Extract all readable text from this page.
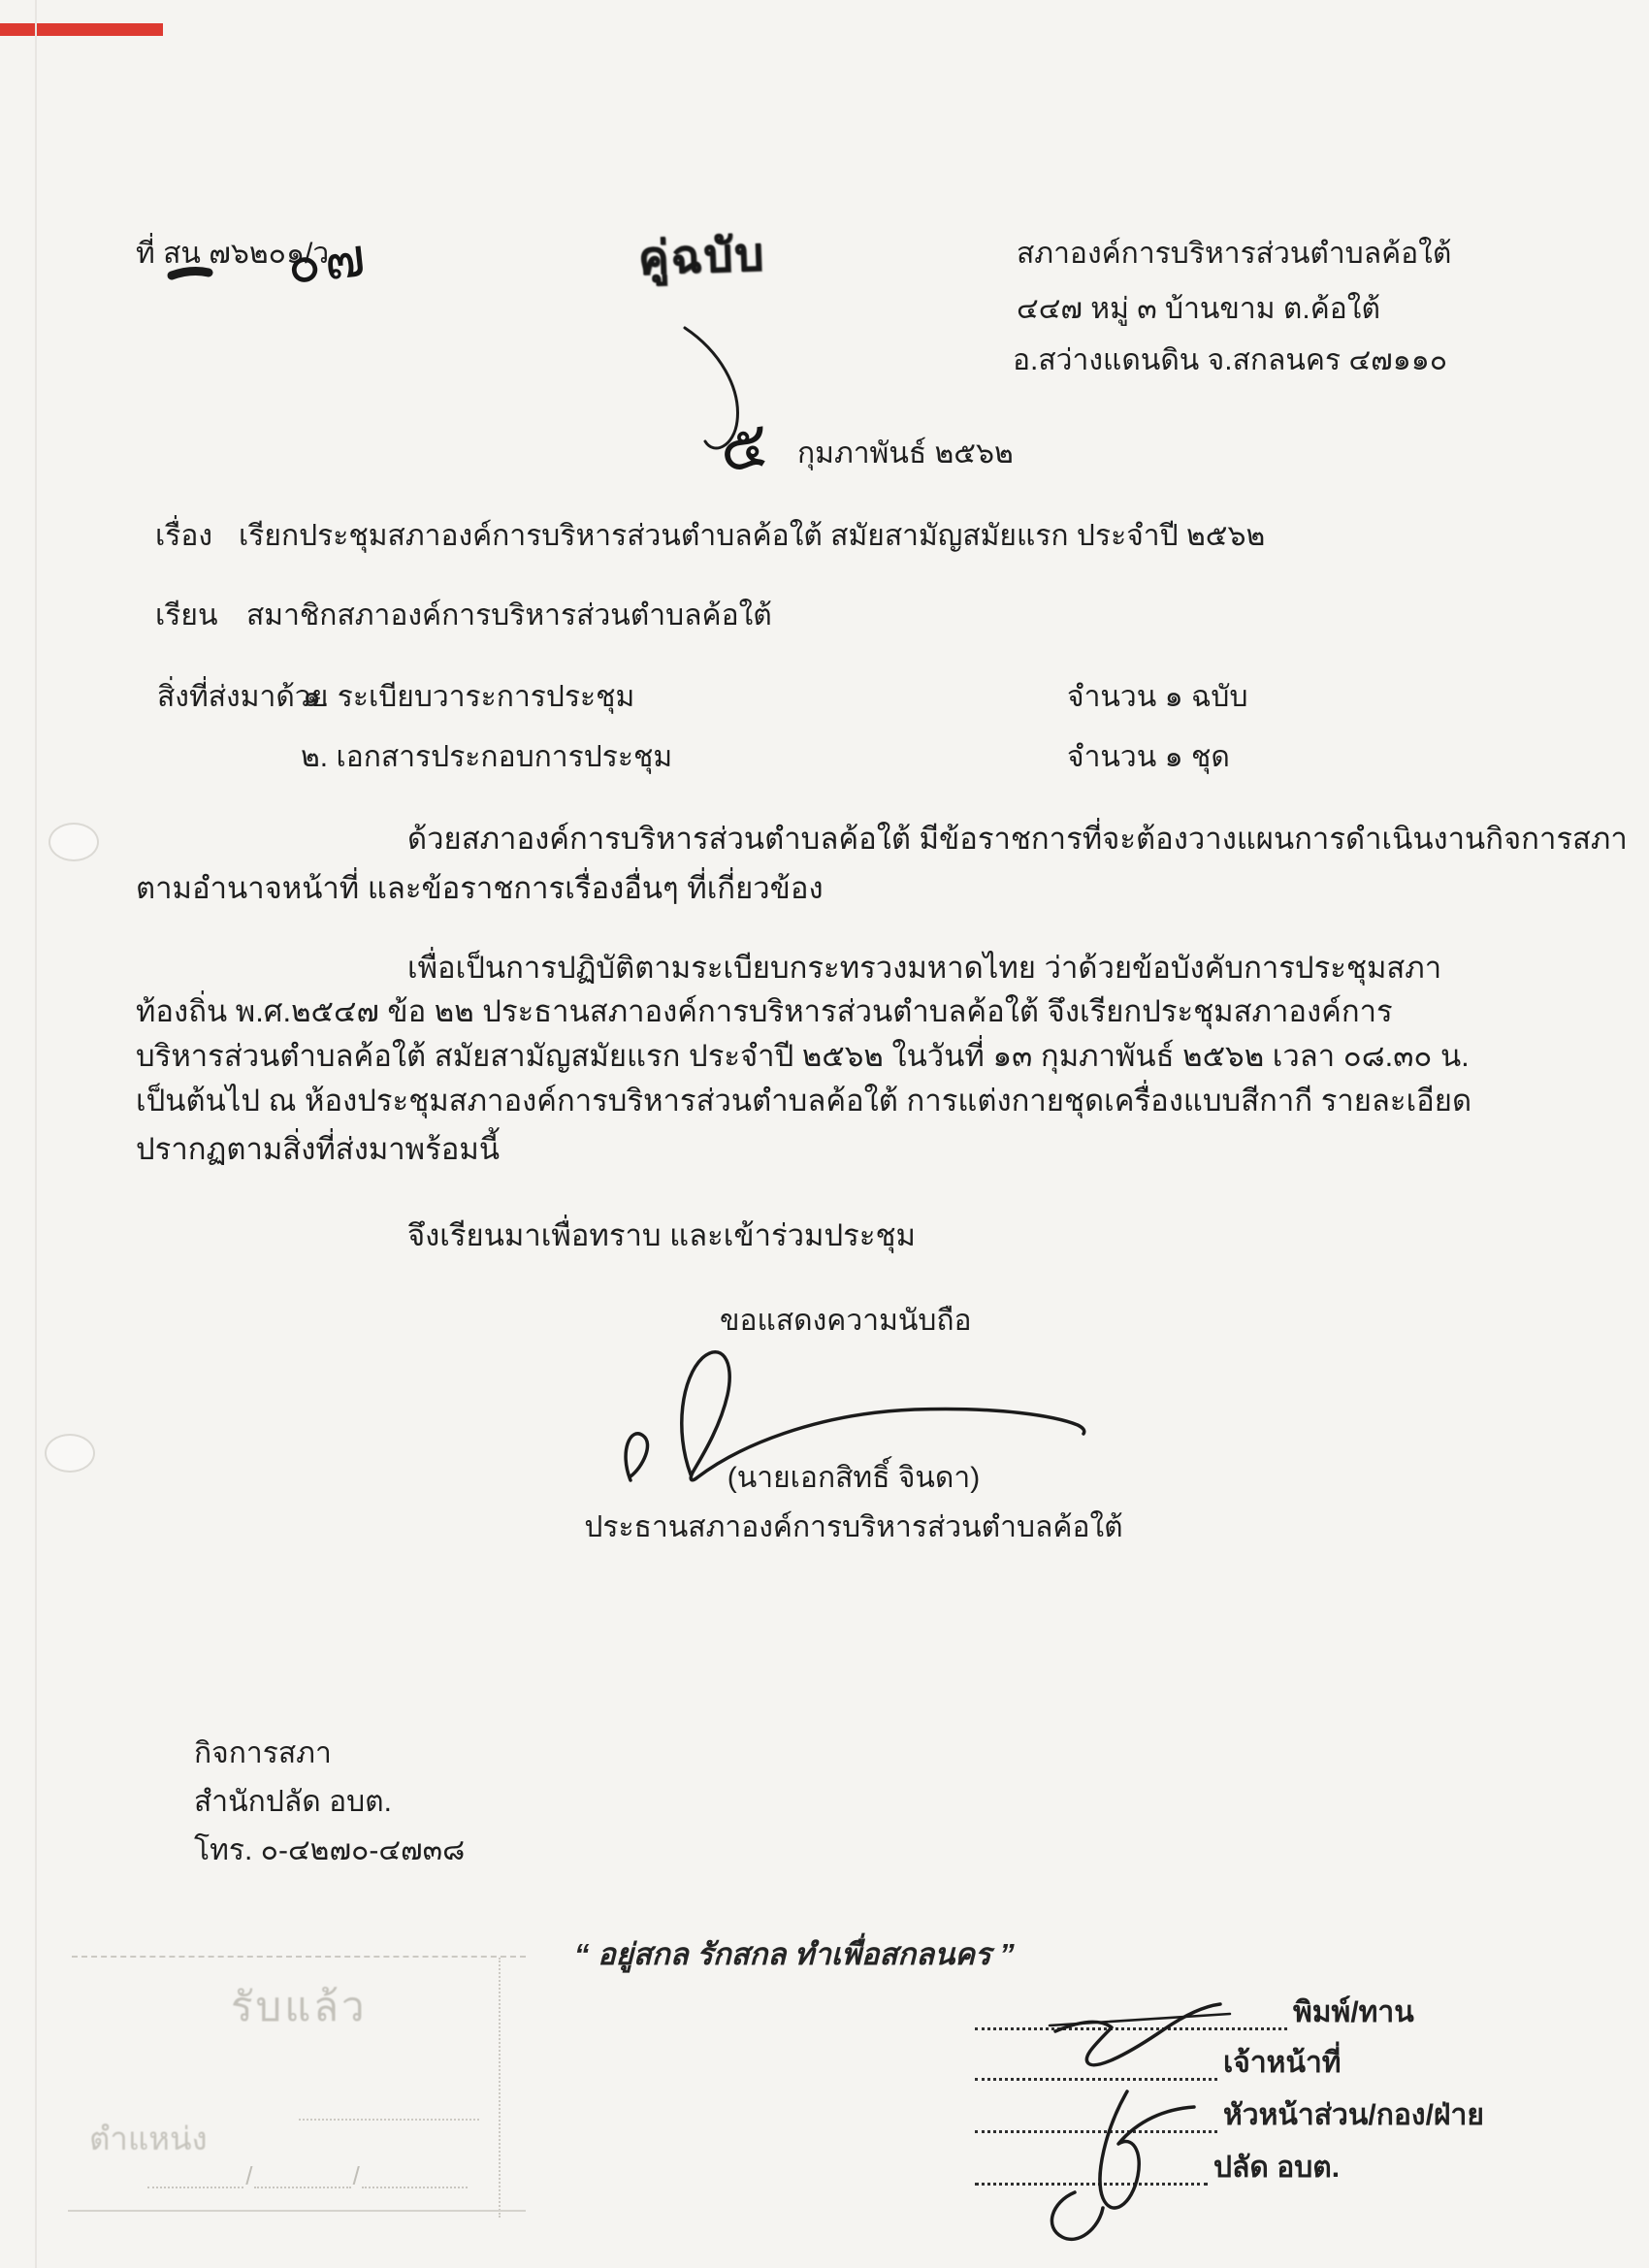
ที่ สน ๗๖๒๐๑/ว
๐๗	คู่ฉบับ	สภาองค์การบริหารส่วนตำบลค้อใต้
๔๔๗ หมู่ ๓ บ้านขาม ต.ค้อใต้
อ.สว่างแดนดิน จ.สกลนคร ๔๗๑๑๐
๕ กุมภาพันธ์ ๒๕๖๒
เรื่อง เรียกประชุมสภาองค์การบริหารส่วนตำบลค้อใต้ สมัยสามัญสมัยแรก ประจำปี ๒๕๖๒
เรียน สมาชิกสภาองค์การบริหารส่วนตำบลค้อใต้
สิ่งที่ส่งมาด้วย
๑. ระเบียบวาระการประชุม	จำนวน ๑ ฉบับ
๒. เอกสารประกอบการประชุม	จำนวน ๑ ชุด
ด้วยสภาองค์การบริหารส่วนตำบลค้อใต้ มีข้อราชการที่จะต้องวางแผนการดำเนินงานกิจการสภา
ตามอำนาจหน้าที่ และข้อราชการเรื่องอื่นๆ ที่เกี่ยวข้อง
เพื่อเป็นการปฏิบัติตามระเบียบกระทรวงมหาดไทย ว่าด้วยข้อบังคับการประชุมสภา
ท้องถิ่น พ.ศ.๒๕๔๗ ข้อ ๒๒ ประธานสภาองค์การบริหารส่วนตำบลค้อใต้ จึงเรียกประชุมสภาองค์การ
บริหารส่วนตำบลค้อใต้ สมัยสามัญสมัยแรก ประจำปี ๒๕๖๒ ในวันที่ ๑๓ กุมภาพันธ์ ๒๕๖๒ เวลา ๐๘.๓๐ น.
เป็นต้นไป ณ ห้องประชุมสภาองค์การบริหารส่วนตำบลค้อใต้ การแต่งกายชุดเครื่องแบบสีกากี รายละเอียด
ปรากฏตามสิ่งที่ส่งมาพร้อมนี้
จึงเรียนมาเพื่อทราบ และเข้าร่วมประชุม
ขอแสดงความนับถือ
(นายเอกสิทธิ์ จินดา)
ประธานสภาองค์การบริหารส่วนตำบลค้อใต้
กิจการสภา
สำนักปลัด อบต.
โทร. ๐-๔๒๗๐-๔๗๓๘
“ อยู่สกล รักสกล ทำเพื่อสกลนคร ”
พิมพ์/ทาน
เจ้าหน้าที่
หัวหน้าส่วน/กอง/ฝ่าย
ปลัด อบต.
รับแล้ว
ตำแหน่ง
/	/
